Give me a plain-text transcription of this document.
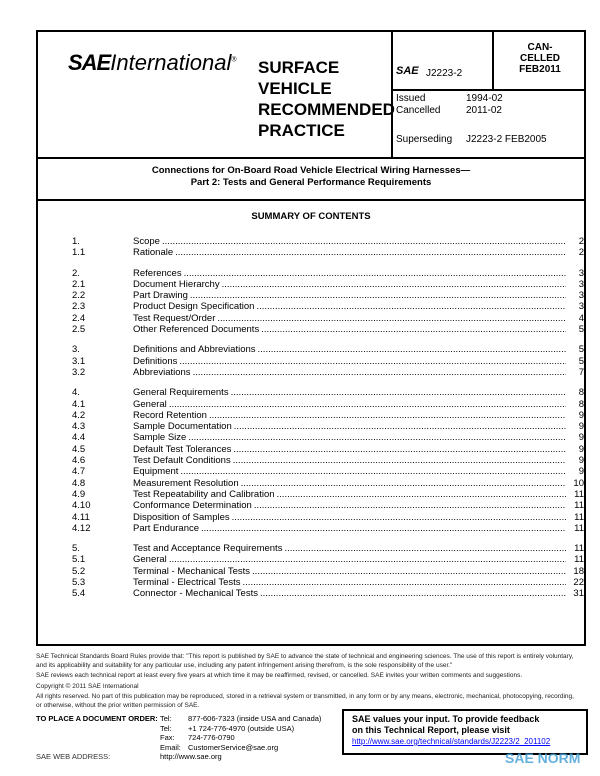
SAEInternational® SURFACE
VEHICLE
RECOMMENDED
PRACTICE
SAE J2223-2
CAN-
CELLED
FEB2011
Issued	1994-02
Cancelled	2011-02
Superseding J2223-2 FEB2005
Connections for On-Board Road Vehicle Electrical Wiring Harnesses—
Part 2: Tests and General Performance Requirements
SUMMARY OF CONTENTS
1.	Scope .....	2
1.1	Rationale .....	2
2.	References .....	3
2.1	Document Hierarchy .....	3
2.2	Part Drawing .....	3
2.3	Product Design Specification .....	3
2.4	Test Request/Order .....	4
2.5	Other Referenced Documents .....	5
3.	Definitions and Abbreviations .....	5
3.1	Definitions .....	5
3.2	Abbreviations .....	7
4.	General Requirements .....	8
4.1	General .....	8
4.2	Record Retention .....	9
4.3	Sample Documentation .....	9
4.4	Sample Size .....	9
4.5	Default Test Tolerances .....	9
4.6	Test Default Conditions .....	9
4.7	Equipment .....	9
4.8	Measurement Resolution .....	10
4.9	Test Repeatability and Calibration .....	11
4.10	Conformance Determination .....	11
4.11	Disposition of Samples .....	11
4.12	Part Endurance .....	11
5.	Test and Acceptance Requirements .....	11
5.1	General .....	11
5.2	Terminal - Mechanical Tests .....	18
5.3	Terminal - Electrical Tests .....	22
5.4	Connector - Mechanical Tests .....	31
SAE Technical Standards Board Rules provide that: "This report is published by SAE to advance the state of technical and engineering sciences. The use of this report is entirely voluntary, and its applicability and suitability for any particular use, including any patent infringement arising therefrom, is the sole responsibility of the user."
SAE reviews each technical report at least every five years at which time it may be reaffirmed, revised, or cancelled. SAE invites your written comments and suggestions.
Copyright © 2011 SAE International
All rights reserved. No part of this publication may be reproduced, stored in a retrieval system or transmitted, in any form or by any means, electronic, mechanical, photocopying, recording, or otherwise, without the prior written permission of SAE.
TO PLACE A DOCUMENT ORDER: Tel: 877-606-7323 (inside USA and Canada)
Tel: +1 724-776-4970 (outside USA)
Fax: 724-776-0790
Email: CustomerService@sae.org
http://www.sae.org
SAE WEB ADDRESS:
SAE values your input. To provide feedback
on this Technical Report, please visit
http://www.sae.org/technical/standards/J2223/2_201102
SAE NORM
